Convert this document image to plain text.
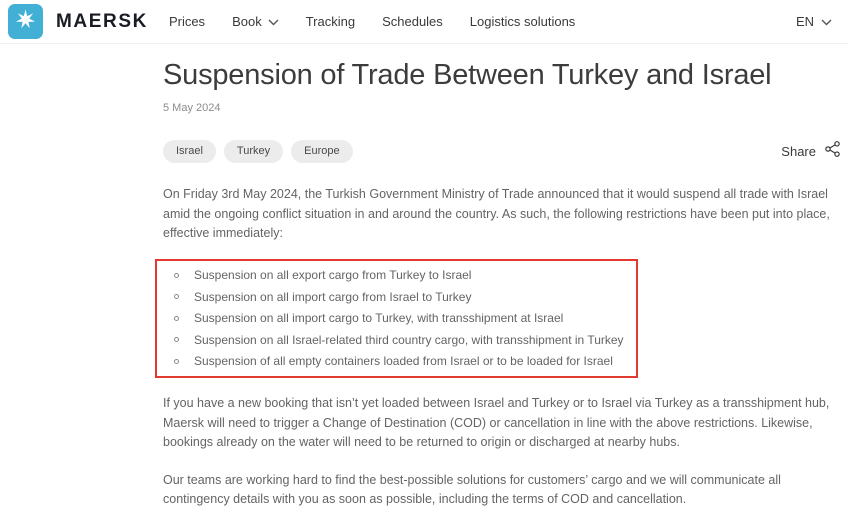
MAERSK Prices Book	Tracking Schedules Logistics solutions	EN
Suspension of Trade Between Turkey and Israel
5 May 2024
Israel	Turkey	Europe	Share

On Friday 3rd May 2024, the Turkish Government Ministry of Trade announced that it would suspend all trade with Israel amid the ongoing conflict situation in and around the country. As such, the following restrictions have been put into place, effective immediately:

Suspension on all export cargo from Turkey to Israel
Suspension on all import cargo from Israel to Turkey
Suspension on all import cargo to Turkey, with transshipment at Israel
Suspension on all Israel-related third country cargo, with transshipment in Turkey
Suspension of all empty containers loaded from Israel or to be loaded for Israel

If you have a new booking that isn’t yet loaded between Israel and Turkey or to Israel via Turkey as a transshipment hub, Maersk will need to trigger a Change of Destination (COD) or cancellation in line with the above restrictions. Likewise, bookings already on the water will need to be returned to origin or discharged at nearby hubs.

Our teams are working hard to find the best-possible solutions for customers’ cargo and we will communicate all contingency details with you as soon as possible, including the terms of COD and cancellation.
